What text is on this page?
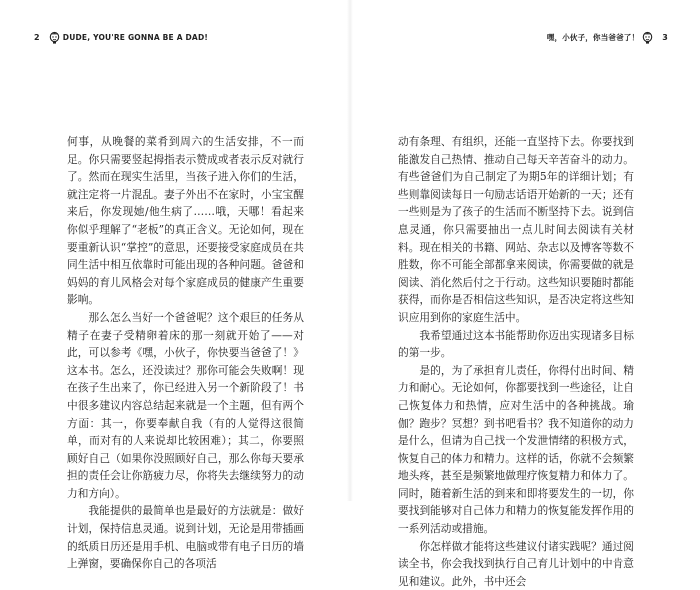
2	DUDE, YOU'RE GONNA BE A DAD!

何事，从晚餐的菜肴到周六的生活安排，不一而足。你只需要竖起拇指表示赞成或者表示反对就行了。然而在现实生活里，当孩子进入你们的生活，就注定将一片混乱。妻子外出不在家时，小宝宝醒来后，你发现她/他生病了……哦，天哪！看起来你似乎理解了“老板”的真正含义。无论如何，现在要重新认识“掌控”的意思，还要接受家庭成员在共同生活中相互依靠时可能出现的各种问题。爸爸和妈妈的育儿风格会对每个家庭成员的健康产生重要影响。

那么怎么当好一个爸爸呢？这个艰巨的任务从精子在妻子受精卵着床的那一刻就开始了——对此，可以参考《嘿，小伙子，你快要当爸爸了！》这本书。怎么，还没读过？那你可能会失败啊！现在孩子生出来了，你已经进入另一个新阶段了！书中很多建议内容总结起来就是一个主题，但有两个方面：其一，你要奉献自我（有的人觉得这很简单，而对有的人来说却比较困难）；其二，你要照顾好自己（如果你没照顾好自己，那么你每天要承担的责任会让你筋疲力尽，你将失去继续努力的动力和方向）。

我能提供的最简单也是最好的方法就是：做好计划，保持信息灵通。说到计划，无论是用带插画的纸质日历还是用手机、电脑或带有电子日历的墙上弹窗，要确保你自己的各项活

嘿，小伙子，你当爸爸了！	3

动有条理、有组织，还能一直坚持下去。你要找到能激发自己热情、推动自己每天辛苦奋斗的动力。有些爸爸们为自己制定了为期5年的详细计划；有些则靠阅读每日一句励志话语开始新的一天；还有一些则是为了孩子的生活而不断坚持下去。说到信息灵通，你只需要抽出一点儿时间去阅读有关材料。现在相关的书籍、网站、杂志以及博客等数不胜数，你不可能全部都拿来阅读，你需要做的就是阅读、消化然后付之于行动。这些知识要随时都能获得，而你是否相信这些知识，是否决定将这些知识应用到你的家庭生活中。

我希望通过这本书能帮助你迈出实现诸多目标的第一步。

是的，为了承担育儿责任，你得付出时间、精力和耐心。无论如何，你都要找到一些途径，让自己恢复体力和热情，应对生活中的各种挑战。瑜伽？跑步？冥想？到书吧看书？我不知道你的动力是什么，但请为自己找一个发泄情绪的积极方式，恢复自己的体力和精力。这样的话，你就不会频繁地头疼，甚至是频繁地做理疗恢复精力和体力了。同时，随着新生活的到来和即将要发生的一切，你要找到能够对自己体力和精力的恢复能发挥作用的一系列活动或措施。

你怎样做才能将这些建议付诸实践呢？通过阅读全书，你会我找到执行自己育儿计划中的中肯意见和建议。此外，书中还会
